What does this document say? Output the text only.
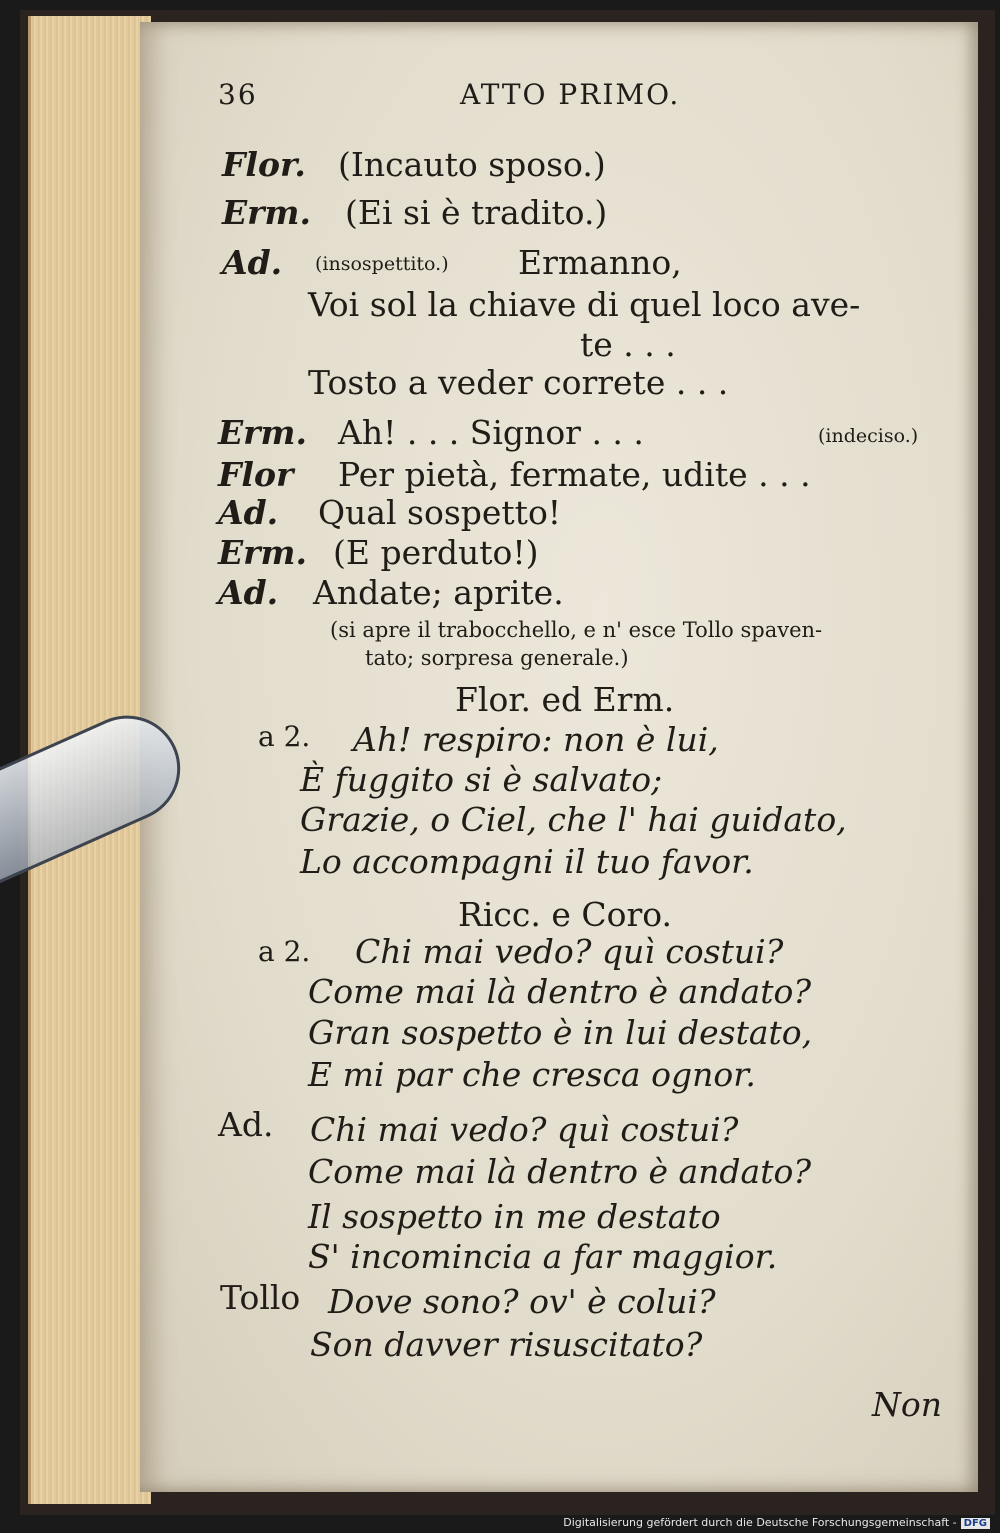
36	ATTO PRIMO.
Flor. (Incauto sposo.)
Erm. (Ei si è tradito.)
Ad. (insospettito.) Ermanno,
Voi sol la chiave di quel loco ave-
te . . .
Tosto a veder correte . . .
Erm. Ah! . . . Signor . . .	(indeciso.)
Flor Per pietà, fermate, udite . . .
Ad. Qual sospetto!
Erm. (E perduto!)
Ad. Andate; aprite.
(si apre il trabocchello, e n' esce Tollo spaven-
tato; sorpresa generale.)
Flor. ed Erm.
a 2. Ah! respiro: non è lui,
È fuggito si è salvato;
Grazie, o Ciel, che l' hai guidato,
Lo accompagni il tuo favor.
Ricc. e Coro.
a 2. Chi mai vedo? quì costui?
Come mai là dentro è andato?
Gran sospetto è in lui destato,
E mi par che cresca ognor.
Ad. Chi mai vedo? quì costui?
Come mai là dentro è andato?
Il sospetto in me destato
S' incomincia a far maggior.
Tollo Dove sono? ov' è colui?
Son davver risuscitato?
Non
Digitalisierung gefördert durch die Deutsche Forschungsgemeinschaft - DFG
